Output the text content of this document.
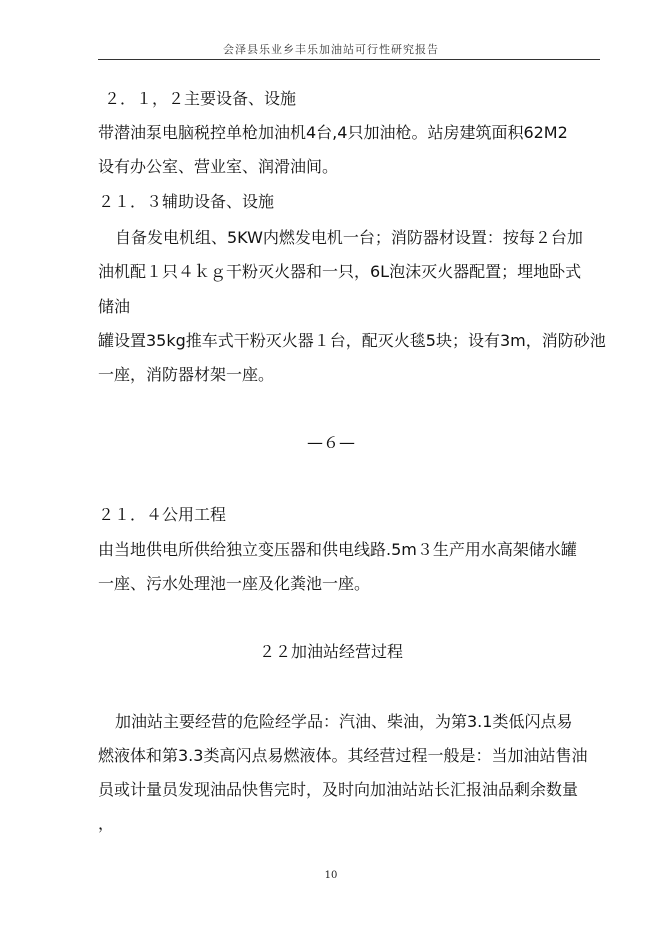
会泽县乐业乡丰乐加油站可行性研究报告
２．１，２主要设备、设施
带潜油泵电脑税控单枪加油机4台,4只加油枪。站房建筑面积62M2
设有办公室、营业室、润滑油间。
２１．３辅助设备、设施
自备发电机组、5KW内燃发电机一台；消防器材设置：按每２台加
油机配１只４ｋｇ干粉灭火器和一只，6L泡沫灭火器配置；埋地卧式
储油
罐设置35kg推车式干粉灭火器１台，配灭火毯5块；设有3m，消防砂池
一座，消防器材架一座。
—６—
２１．４公用工程
由当地供电所供给独立变压器和供电线路.5m３生产用水高架储水罐
一座、污水处理池一座及化粪池一座。
２２加油站经营过程
加油站主要经营的危险经学品：汽油、柴油，为第3.1类低闪点易
燃液体和第3.3类高闪点易燃液体。其经营过程一般是：当加油站售油
员或计量员发现油品快售完时，及时向加油站站长汇报油品剩余数量
，
10
